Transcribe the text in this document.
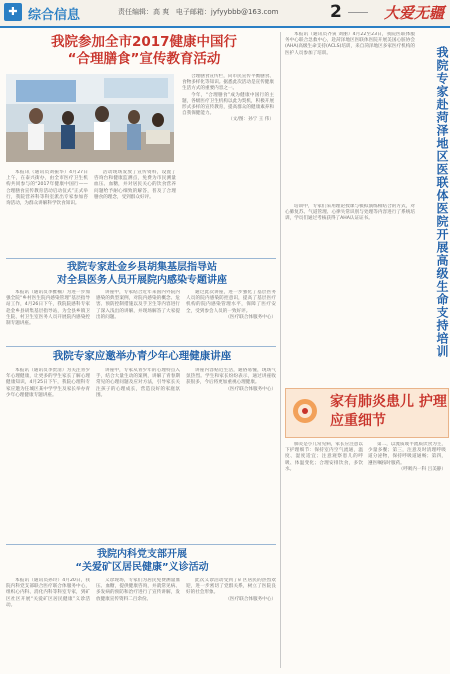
✚ 综合信息	责任编辑：高 爽 电子邮箱：jyfyybbb@163.com	2	大爱无疆
我院参加全市2017健康中国行
“合理膳食”宣传教育活动

本报讯（通讯员刘振华）4月27日上午，在泰兴街办，由全市医疗卫生机构共同参与的“2017年健康中国行——合理膳食宣传教育活动启动仪式”正式举行，我院营养科等科室派出专家参加咨询活动，为群众讲解科学饮食知识。

活动现场发放了宣传资料，设置了咨询台和健康监测点，免费为市民测量血压、血糖，并对居民关心的饮食营养问题给予耐心细致的解答，普及了合理膳食的理念，受到群众好评。

合理膳食宣传栏，向市民宣传平衡膳食、食物多样化等知识。据悉此次活动是宣传健康生活方式的重要内容之一。

今年，“合理膳食”成为健康中国行的主题，各级医疗卫生机构以此为契机，积极开展形式多样的宣传教育，提高群众的健康素养和自我保健能力。

（文/图：孙宁 王 伟）

我院专家赴金乡县胡集基层指导站
对全县医务人员开展院内感染专题讲座

本报讯（通讯员李雅楠）为进一步加强全院“乡村医生院内感染管理”基层指导站工作，4月26日下午，我院院感科专家赴金乡县胡集基层指导站，为全县乡镇卫生院、村卫生室医务人员开展院内感染控制专题讲座。

讲座中，专家结合近年来国内外院内感染的典型案例，对院内感染的概念、危害、预防控制措施以及手卫生等内容进行了深入浅出的讲解，并现场解答了大家提出的问题。

通过此次讲座，进一步强化了基层医务人员的院内感染防控意识，提高了基层医疗机构的院内感染管理水平，保障了医疗安全，受到参会人员的一致好评。

（医疗联合体服务中心）

我院专家应邀举办青少年心理健康讲座

本报讯（通讯员李贵清）为关注青少年心理健康，让更多的学生家长了解心理健康知识，4月25日下午，我院心理科专家应邀为任城区某中学学生及家长举办青少年心理健康专题讲座。

讲座中，专家从青少年的心理特点入手，结合大量生动的案例，讲解了青春期常见的心理问题及应对方法，引导家长关注孩子的心理成长，营造良好的家庭氛围。

讲座内容贴近生活，通俗易懂，现场气氛热烈。学生和家长纷纷表示，通过讲座收获很多，今后将更加重视心理健康。

（医疗联合体服务中心）

我院内科党支部开展
“关爱矿区居民健康”义诊活动

本报讯（通讯员孙玲）4月20日，我院内科党支部联合医疗联合体服务中心，组织心内科、消化内科等科室专家，到矿区社区开展“关爱矿区居民健康”义诊活动。

义诊现场，专家们为居民免费测量血压、血糖，提供健康咨询，并就常见病、多发病的预防和治疗进行了宣传讲解，发放健康宣传资料二百余份。

此次义诊活动受到了矿区居民的热烈欢迎，进一步密切了党群关系，树立了医院良好的社会形象。

（医疗联合体服务中心）

本报讯（通讯员齐寅 刘丽）4月22至23日，我院医联体服务中心联合急救中心，赴菏泽地区医联体医院开展美国心脏协会(AHA)高级生命支持(ACLS)培训，来自菏泽地区多家医疗机构的医护人员参加了培训。

培训中，专家们采用理论授课与模拟演练相结合的方式，对心肺复苏、气道管理、心律失常识别与处理等内容进行了系统培训，学员们通过考核获得了AHA认证证书。	我院专家赴菏泽地区医联体医院开展高级生命支持培训
家有肺炎患儿 护理应重细节

肺炎是小儿常见病，家长应注意以下护理细节：保持室内空气流通，温度、湿度适宜；注意观察患儿的呼吸、体温变化；合理安排饮食，多饮水。

第二，以流质或半流质饮食为主，少量多餐；第三，注意及时清理呼吸道分泌物，保持呼吸道通畅；第四，遵医嘱按时服药。

（呼吸内一科 吕美静）
